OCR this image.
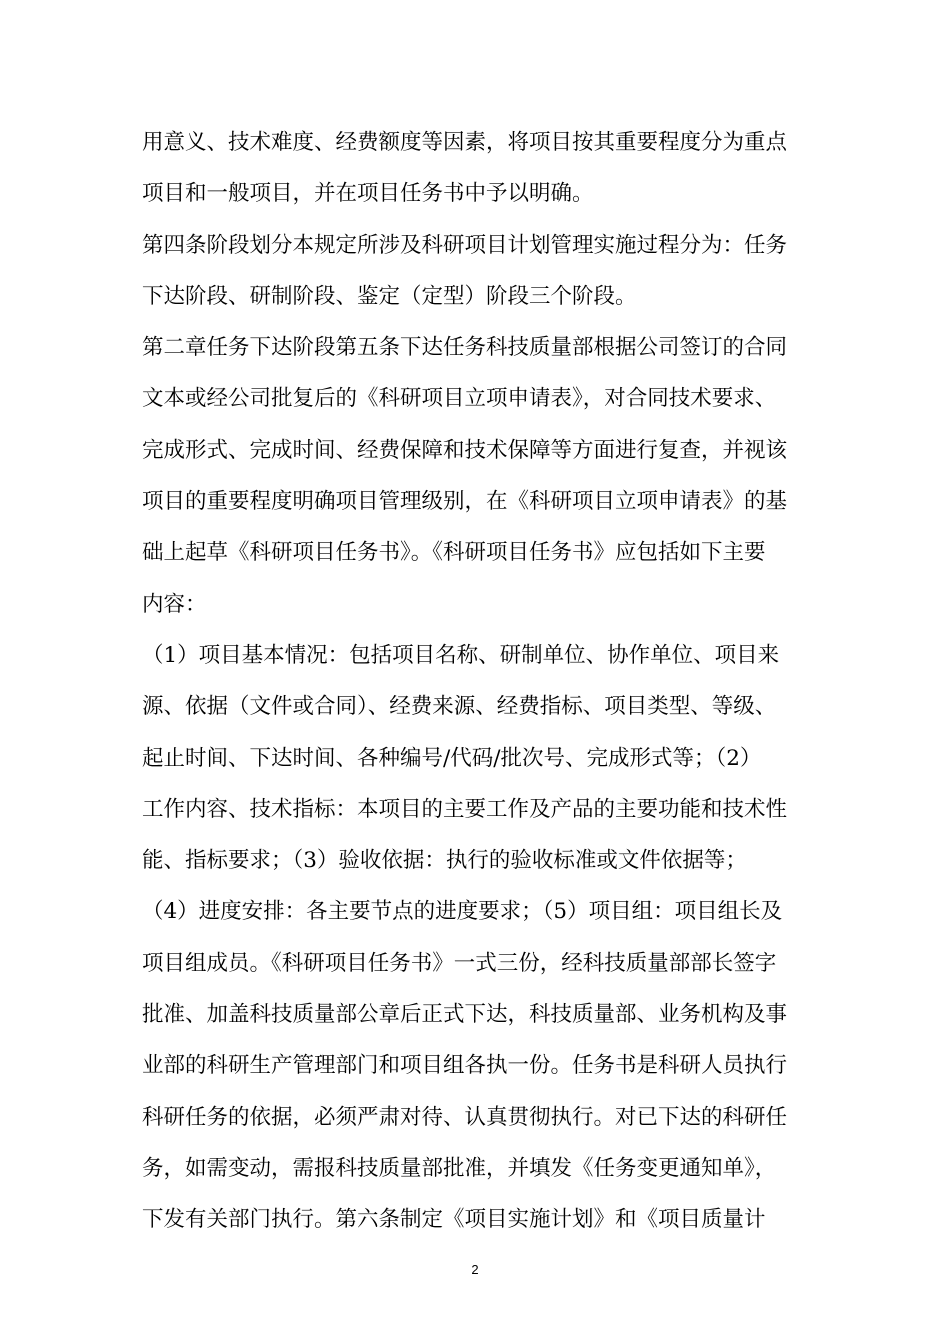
用意义、技术难度、经费额度等因素，将项目按其重要程度分为重点
项目和一般项目，并在项目任务书中予以明确。
第四条阶段划分本规定所涉及科研项目计划管理实施过程分为：任务
下达阶段、研制阶段、鉴定（定型）阶段三个阶段。
第二章任务下达阶段第五条下达任务科技质量部根据公司签订的合同
文本或经公司批复后的《科研项目立项申请表》，对合同技术要求、
完成形式、完成时间、经费保障和技术保障等方面进行复查，并视该
项目的重要程度明确项目管理级别，在《科研项目立项申请表》的基
础上起草《科研项目任务书》。《科研项目任务书》应包括如下主要
内容：
（1）项目基本情况：包括项目名称、研制单位、协作单位、项目来
源、依据（文件或合同）、经费来源、经费指标、项目类型、等级、
起止时间、下达时间、各种编号/代码/批次号、完成形式等；（2）
工作内容、技术指标：本项目的主要工作及产品的主要功能和技术性
能、指标要求；（3）验收依据：执行的验收标准或文件依据等；
（4）进度安排：各主要节点的进度要求；（5）项目组：项目组长及
项目组成员。《科研项目任务书》一式三份，经科技质量部部长签字
批准、加盖科技质量部公章后正式下达，科技质量部、业务机构及事
业部的科研生产管理部门和项目组各执一份。任务书是科研人员执行
科研任务的依据，必须严肃对待、认真贯彻执行。对已下达的科研任
务，如需变动，需报科技质量部批准，并填发《任务变更通知单》，
下发有关部门执行。第六条制定《项目实施计划》和《项目质量计
2
